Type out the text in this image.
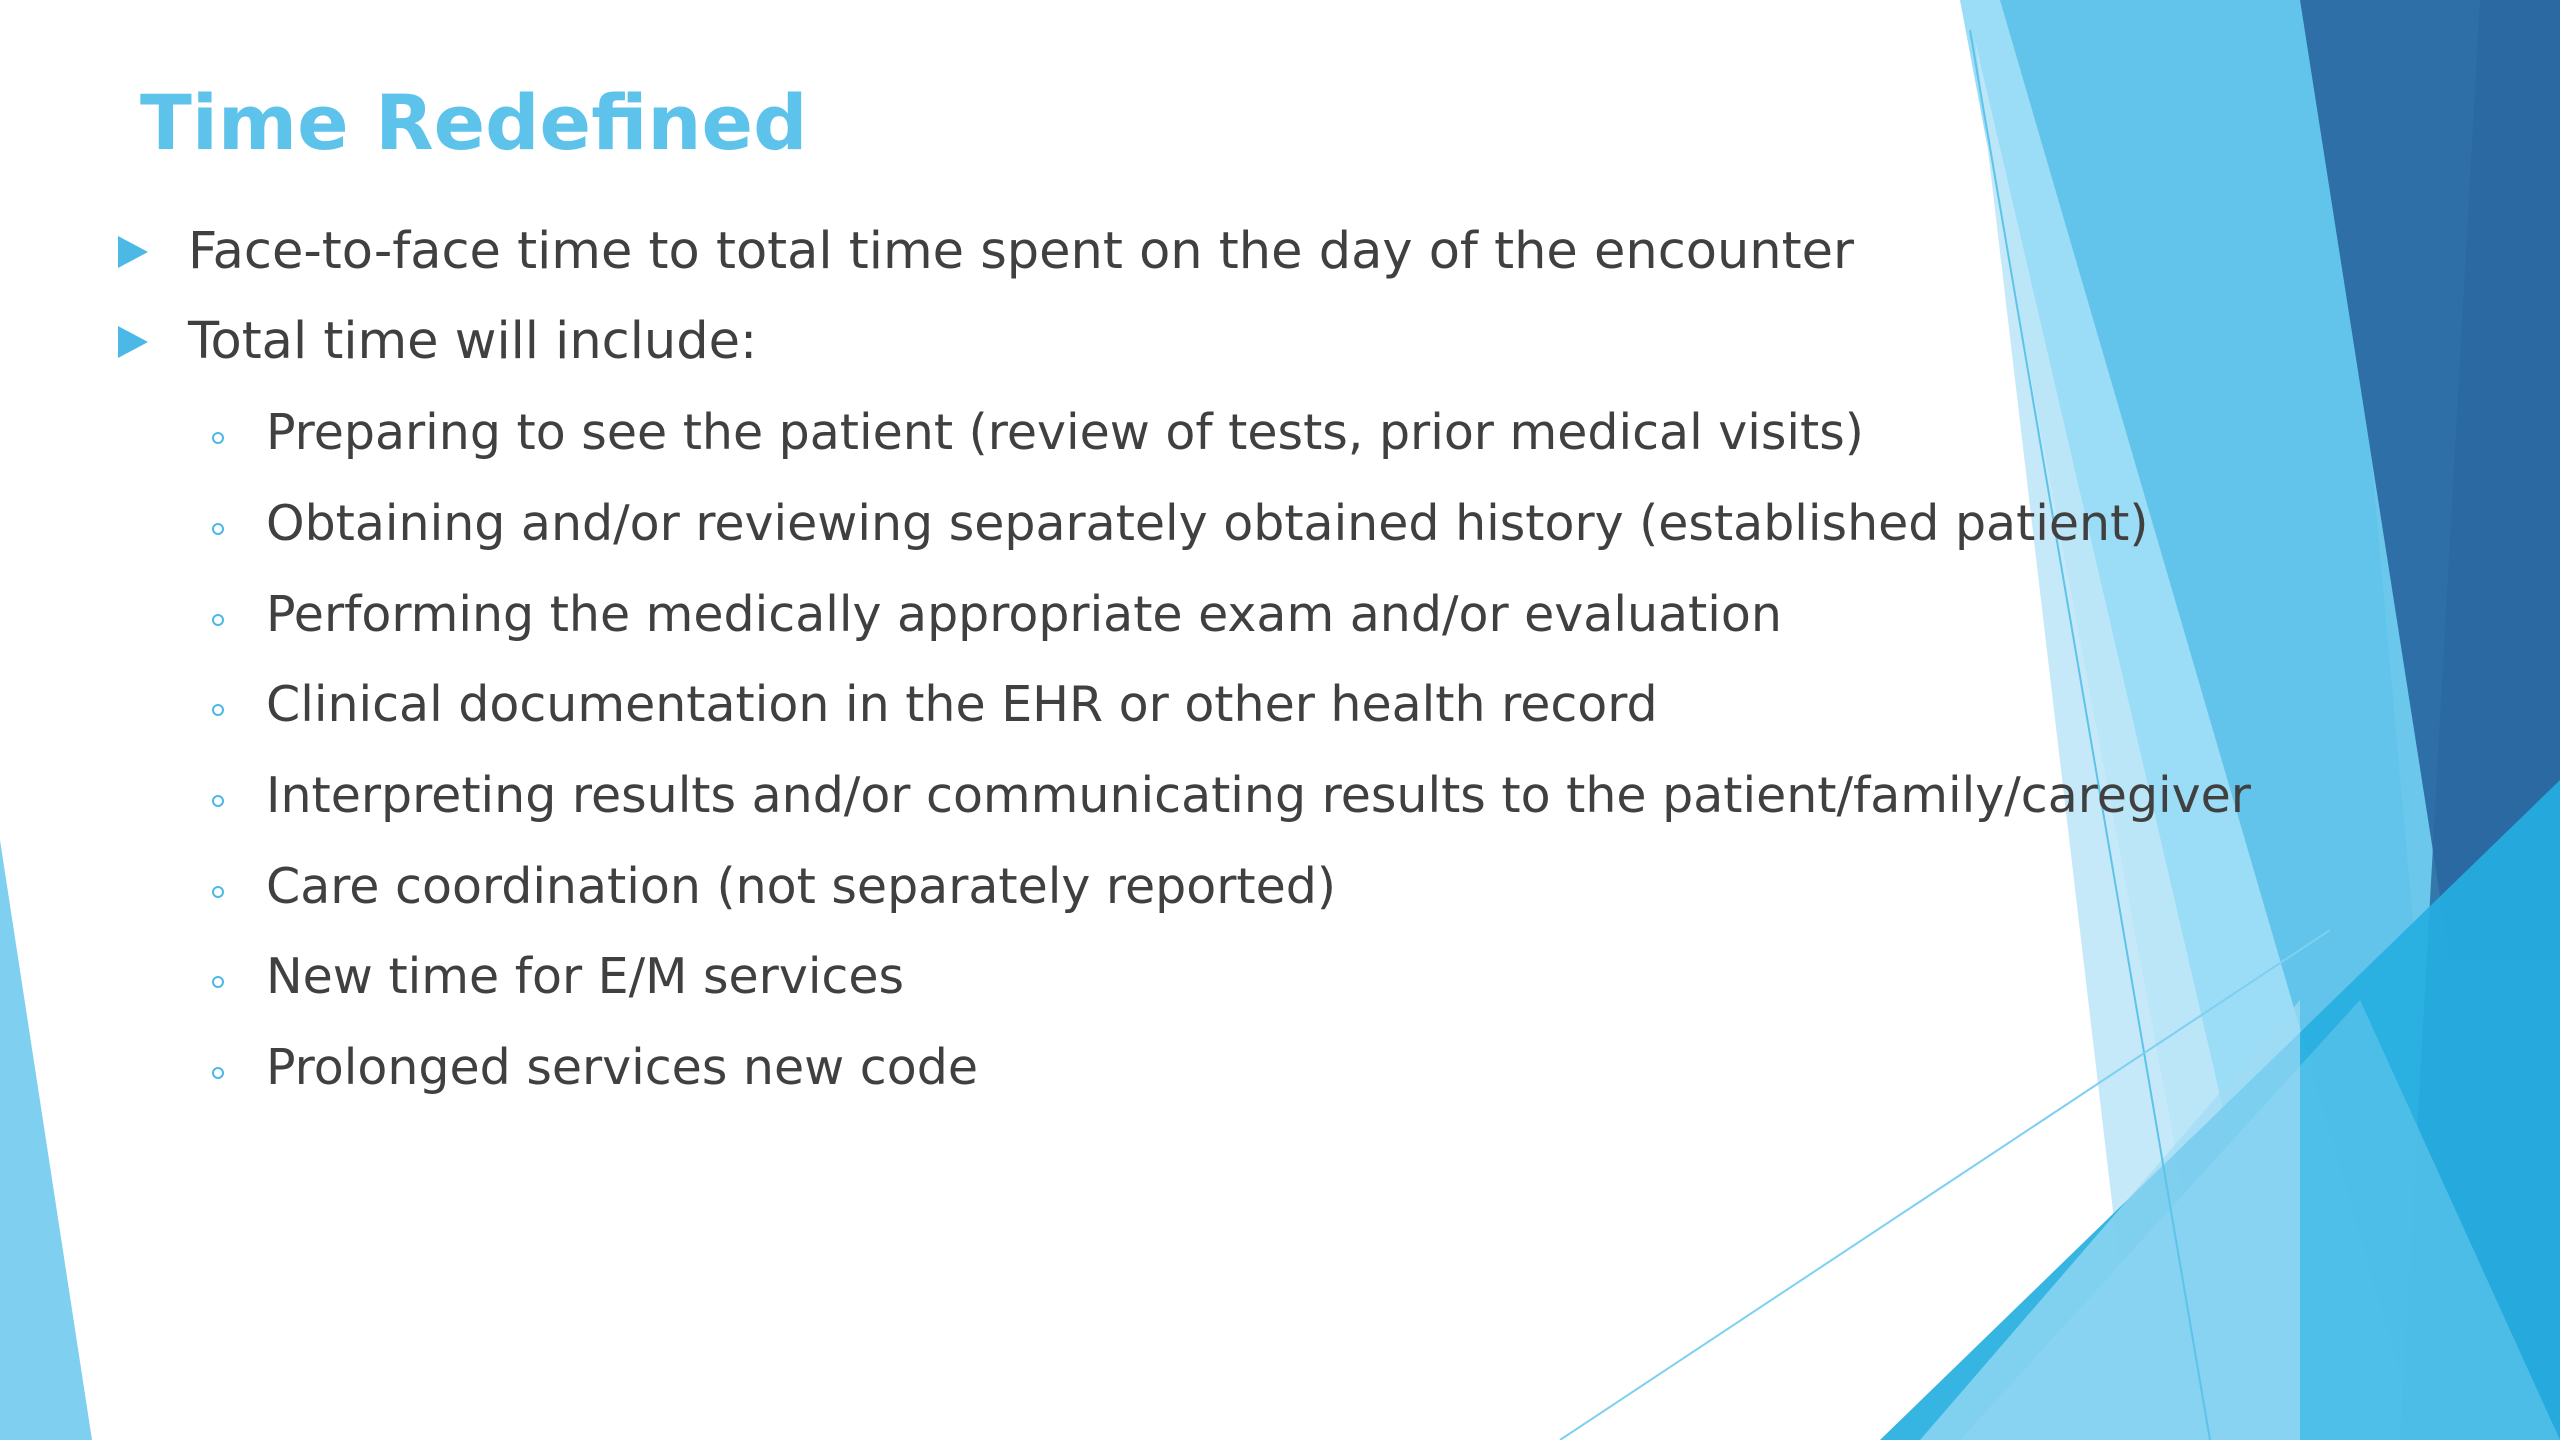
Time Redefined
Face-to-face time to total time spent on the day of the encounter
Total time will include:
Preparing to see the patient (review of tests, prior medical visits)
Obtaining and/or reviewing separately obtained history (established patient)
Performing the medically appropriate exam and/or evaluation
Clinical documentation in the EHR or other health record
Interpreting results and/or communicating results to the patient/family/caregiver
Care coordination (not separately reported)
New time for E/M services
Prolonged services new code
